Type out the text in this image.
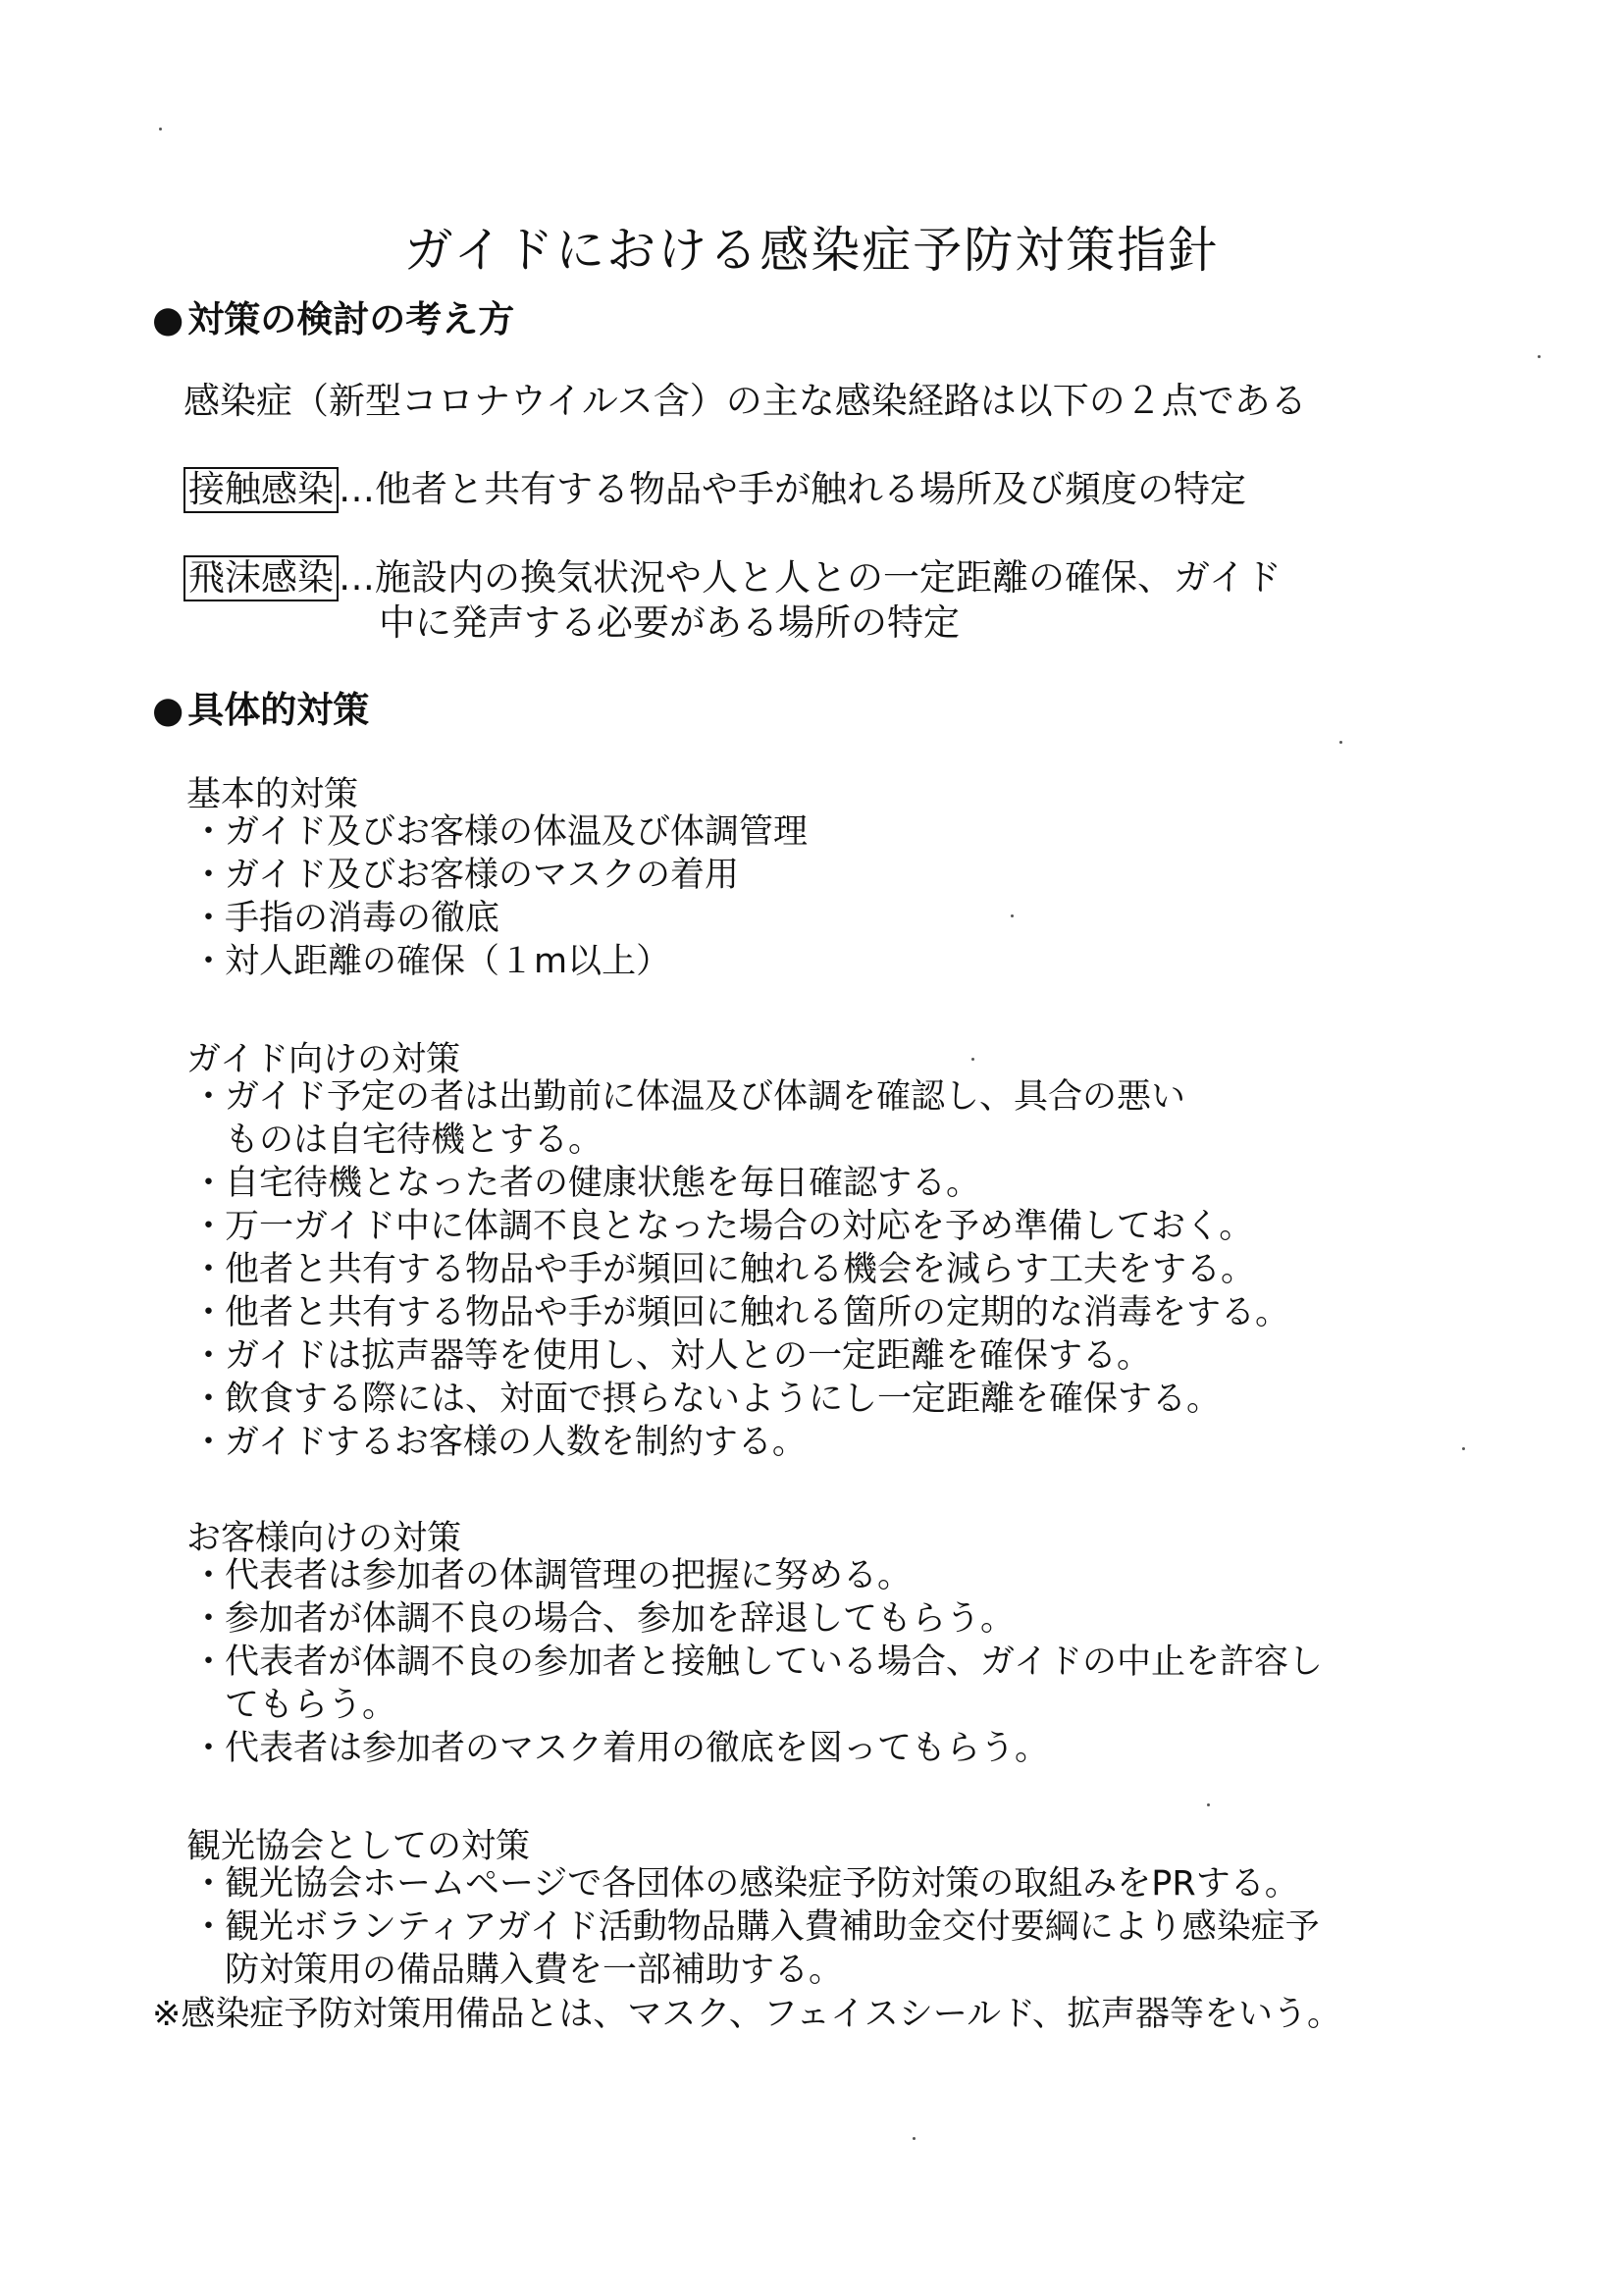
ガイドにおける感染症予防対策指針
● 対策の検討の考え方
感染症（新型コロナウイルス含）の主な感染経路は以下の２点である
接触感染 …他者と共有する物品や手が触れる場所及び頻度の特定
飛沫感染 …施設内の換気状況や人と人との一定距離の確保、ガイド
中に発声する必要がある場所の特定
● 具体的対策
基本的対策
・ガイド及びお客様の体温及び体調管理
・ガイド及びお客様のマスクの着用
・手指の消毒の徹底
・対人距離の確保（１m以上）
ガイド向けの対策
・ガイド予定の者は出勤前に体温及び体調を確認し、具合の悪い
ものは自宅待機とする。
・自宅待機となった者の健康状態を毎日確認する。
・万一ガイド中に体調不良となった場合の対応を予め準備しておく。
・他者と共有する物品や手が頻回に触れる機会を減らす工夫をする。
・他者と共有する物品や手が頻回に触れる箇所の定期的な消毒をする。
・ガイドは拡声器等を使用し、対人との一定距離を確保する。
・飲食する際には、対面で摂らないようにし一定距離を確保する。
・ガイドするお客様の人数を制約する。
お客様向けの対策
・代表者は参加者の体調管理の把握に努める。
・参加者が体調不良の場合、参加を辞退してもらう。
・代表者が体調不良の参加者と接触している場合、ガイドの中止を許容し
てもらう。
・代表者は参加者のマスク着用の徹底を図ってもらう。
観光協会としての対策
・観光協会ホームページで各団体の感染症予防対策の取組みをPRする。
・観光ボランティアガイド活動物品購入費補助金交付要綱により感染症予
防対策用の備品購入費を一部補助する。
※感染症予防対策用備品とは、マスク、フェイスシールド、拡声器等をいう。
